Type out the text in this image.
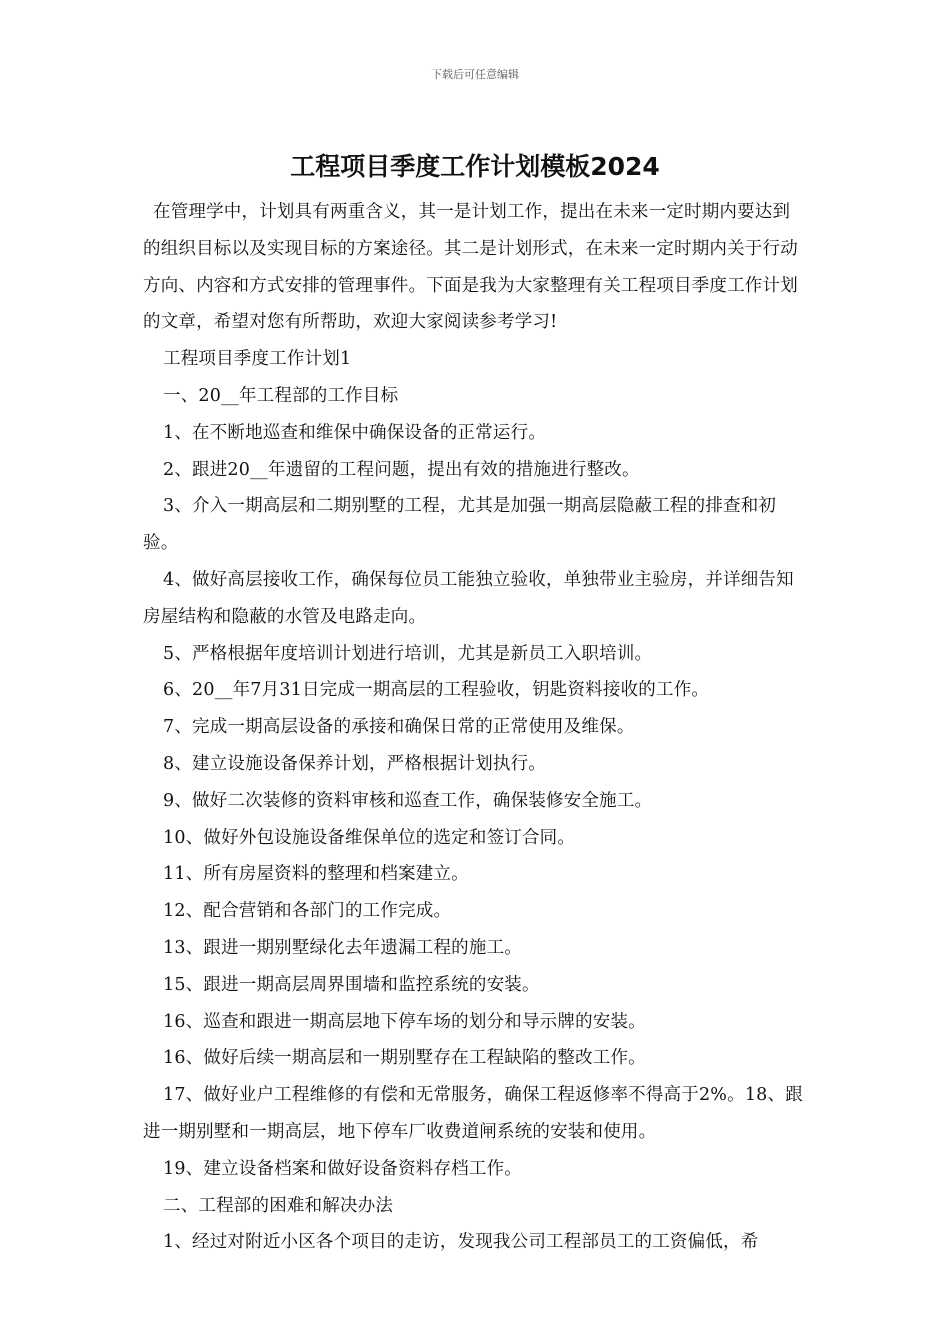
下载后可任意编辑
工程项目季度工作计划模板2024

在管理学中，计划具有两重含义，其一是计划工作，提出在未来一定时期内要达到的组织目标以及实现目标的方案途径。其二是计划形式，在未来一定时期内关于行动方向、内容和方式安排的管理事件。下面是我为大家整理有关工程项目季度工作计划的文章，希望对您有所帮助，欢迎大家阅读参考学习!

工程项目季度工作计划1

一、20__年工程部的工作目标

1、在不断地巡查和维保中确保设备的正常运行。

2、跟进20__年遗留的工程问题，提出有效的措施进行整改。

3、介入一期高层和二期别墅的工程，尤其是加强一期高层隐蔽工程的排查和初验。

4、做好高层接收工作，确保每位员工能独立验收，单独带业主验房，并详细告知房屋结构和隐蔽的水管及电路走向。

5、严格根据年度培训计划进行培训，尤其是新员工入职培训。

6、20__年7月31日完成一期高层的工程验收，钥匙资料接收的工作。

7、完成一期高层设备的承接和确保日常的正常使用及维保。

8、建立设施设备保养计划，严格根据计划执行。

9、做好二次装修的资料审核和巡查工作，确保装修安全施工。

10、做好外包设施设备维保单位的选定和签订合同。

11、所有房屋资料的整理和档案建立。

12、配合营销和各部门的工作完成。

13、跟进一期别墅绿化去年遗漏工程的施工。

15、跟进一期高层周界围墙和监控系统的安装。

16、巡查和跟进一期高层地下停车场的划分和导示牌的安装。

16、做好后续一期高层和一期别墅存在工程缺陷的整改工作。

17、做好业户工程维修的有偿和无常服务，确保工程返修率不得高于2%。18、跟进一期别墅和一期高层，地下停车厂收费道闸系统的安装和使用。

19、建立设备档案和做好设备资料存档工作。

二、工程部的困难和解决办法

1、经过对附近小区各个项目的走访，发现我公司工程部员工的工资偏低，希
